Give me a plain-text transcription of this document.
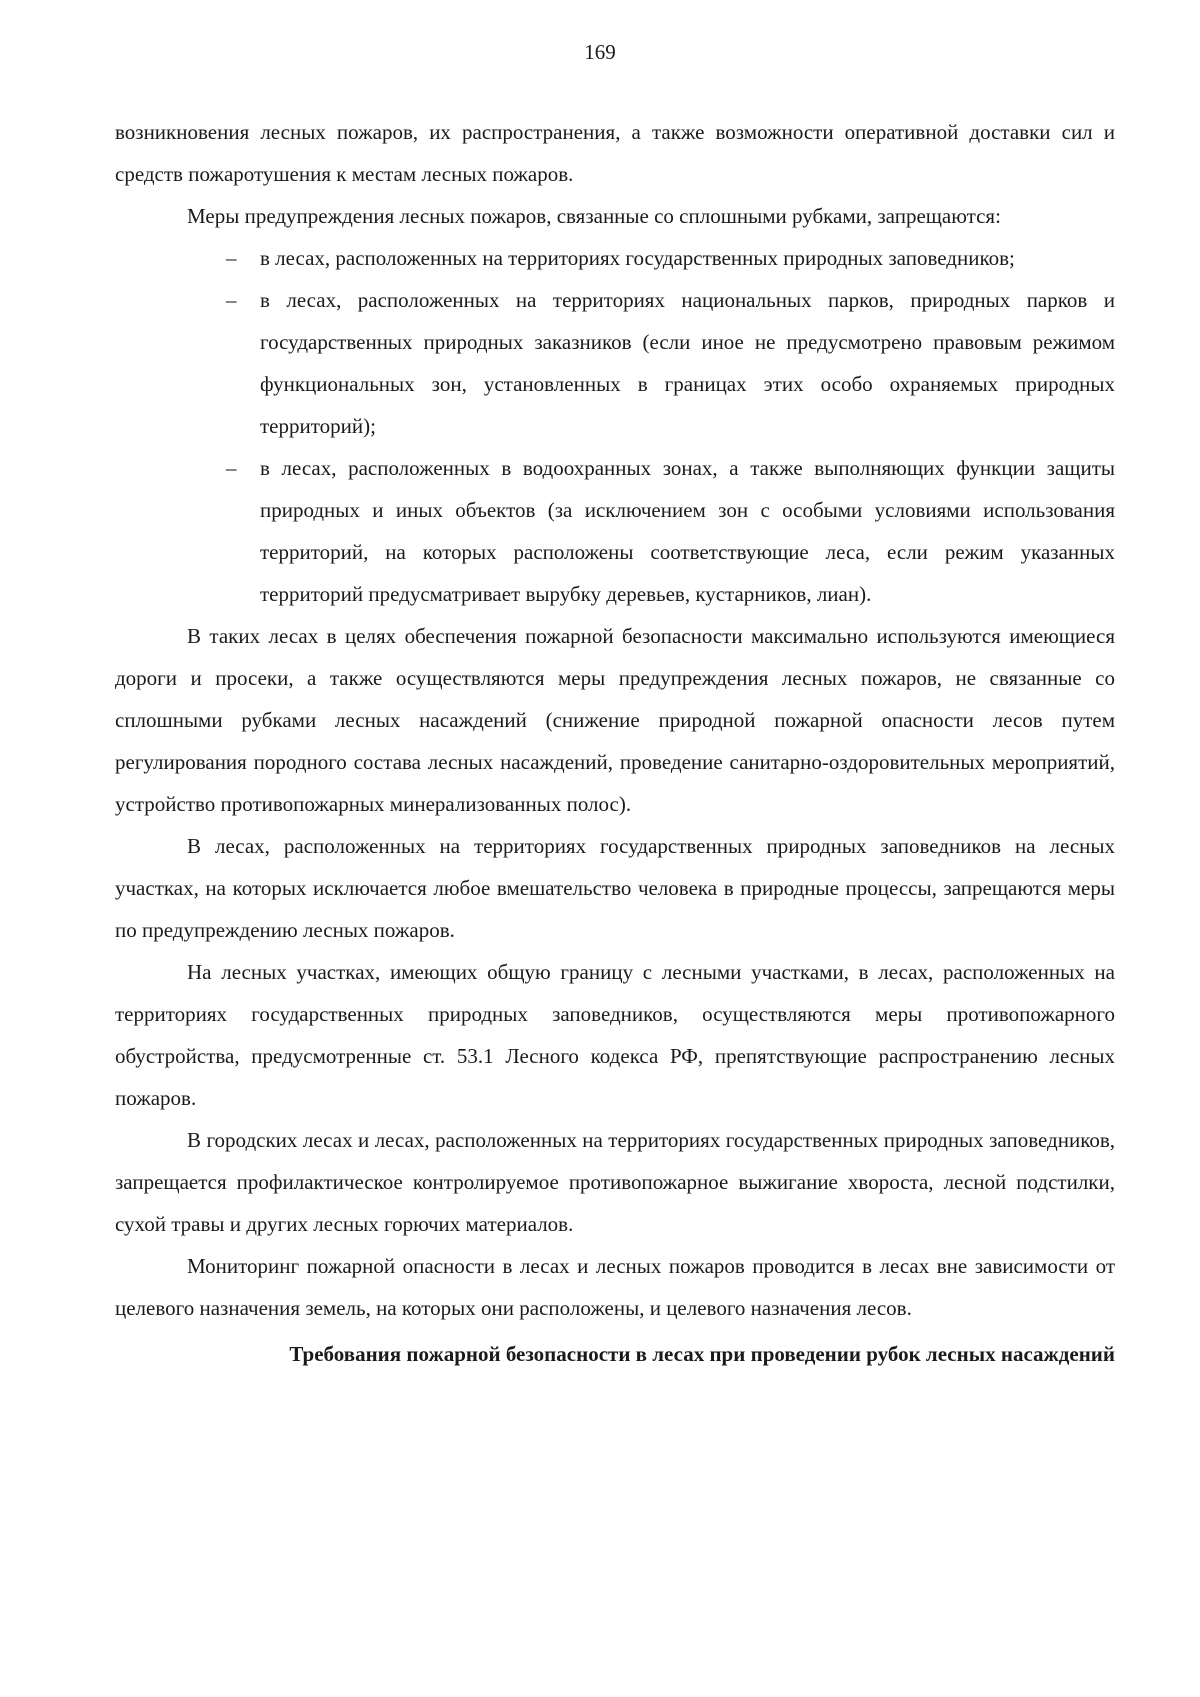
169

возникновения лесных пожаров, их распространения, а также возможности оперативной доставки сил и средств пожаротушения к местам лесных пожаров.

Меры предупреждения лесных пожаров, связанные со сплошными рубками, запрещаются:

– в лесах, расположенных на территориях государственных природных заповедников;
– в лесах, расположенных на территориях национальных парков, природных парков и государственных природных заказников (если иное не предусмотрено правовым режимом функциональных зон, установленных в границах этих особо охраняемых природных территорий);
– в лесах, расположенных в водоохранных зонах, а также выполняющих функции защиты природных и иных объектов (за исключением зон с особыми условиями использования территорий, на которых расположены соответствующие леса, если режим указанных территорий предусматривает вырубку деревьев, кустарников, лиан).

В таких лесах в целях обеспечения пожарной безопасности максимально используются имеющиеся дороги и просеки, а также осуществляются меры предупреждения лесных пожаров, не связанные со сплошными рубками лесных насаждений (снижение природной пожарной опасности лесов путем регулирования породного состава лесных насаждений, проведение санитарно-оздоровительных мероприятий, устройство противопожарных минерализованных полос).

В лесах, расположенных на территориях государственных природных заповедников на лесных участках, на которых исключается любое вмешательство человека в природные процессы, запрещаются меры по предупреждению лесных пожаров.

На лесных участках, имеющих общую границу с лесными участками, в лесах, расположенных на территориях государственных природных заповедников, осуществляются меры противопожарного обустройства, предусмотренные ст. 53.1 Лесного кодекса РФ, препятствующие распространению лесных пожаров.

В городских лесах и лесах, расположенных на территориях государственных природных заповедников, запрещается профилактическое контролируемое противопожарное выжигание хвороста, лесной подстилки, сухой травы и других лесных горючих материалов.

Мониторинг пожарной опасности в лесах и лесных пожаров проводится в лесах вне зависимости от целевого назначения земель, на которых они расположены, и целевого назначения лесов.

Требования пожарной безопасности в лесах при проведении рубок лесных насаждений
